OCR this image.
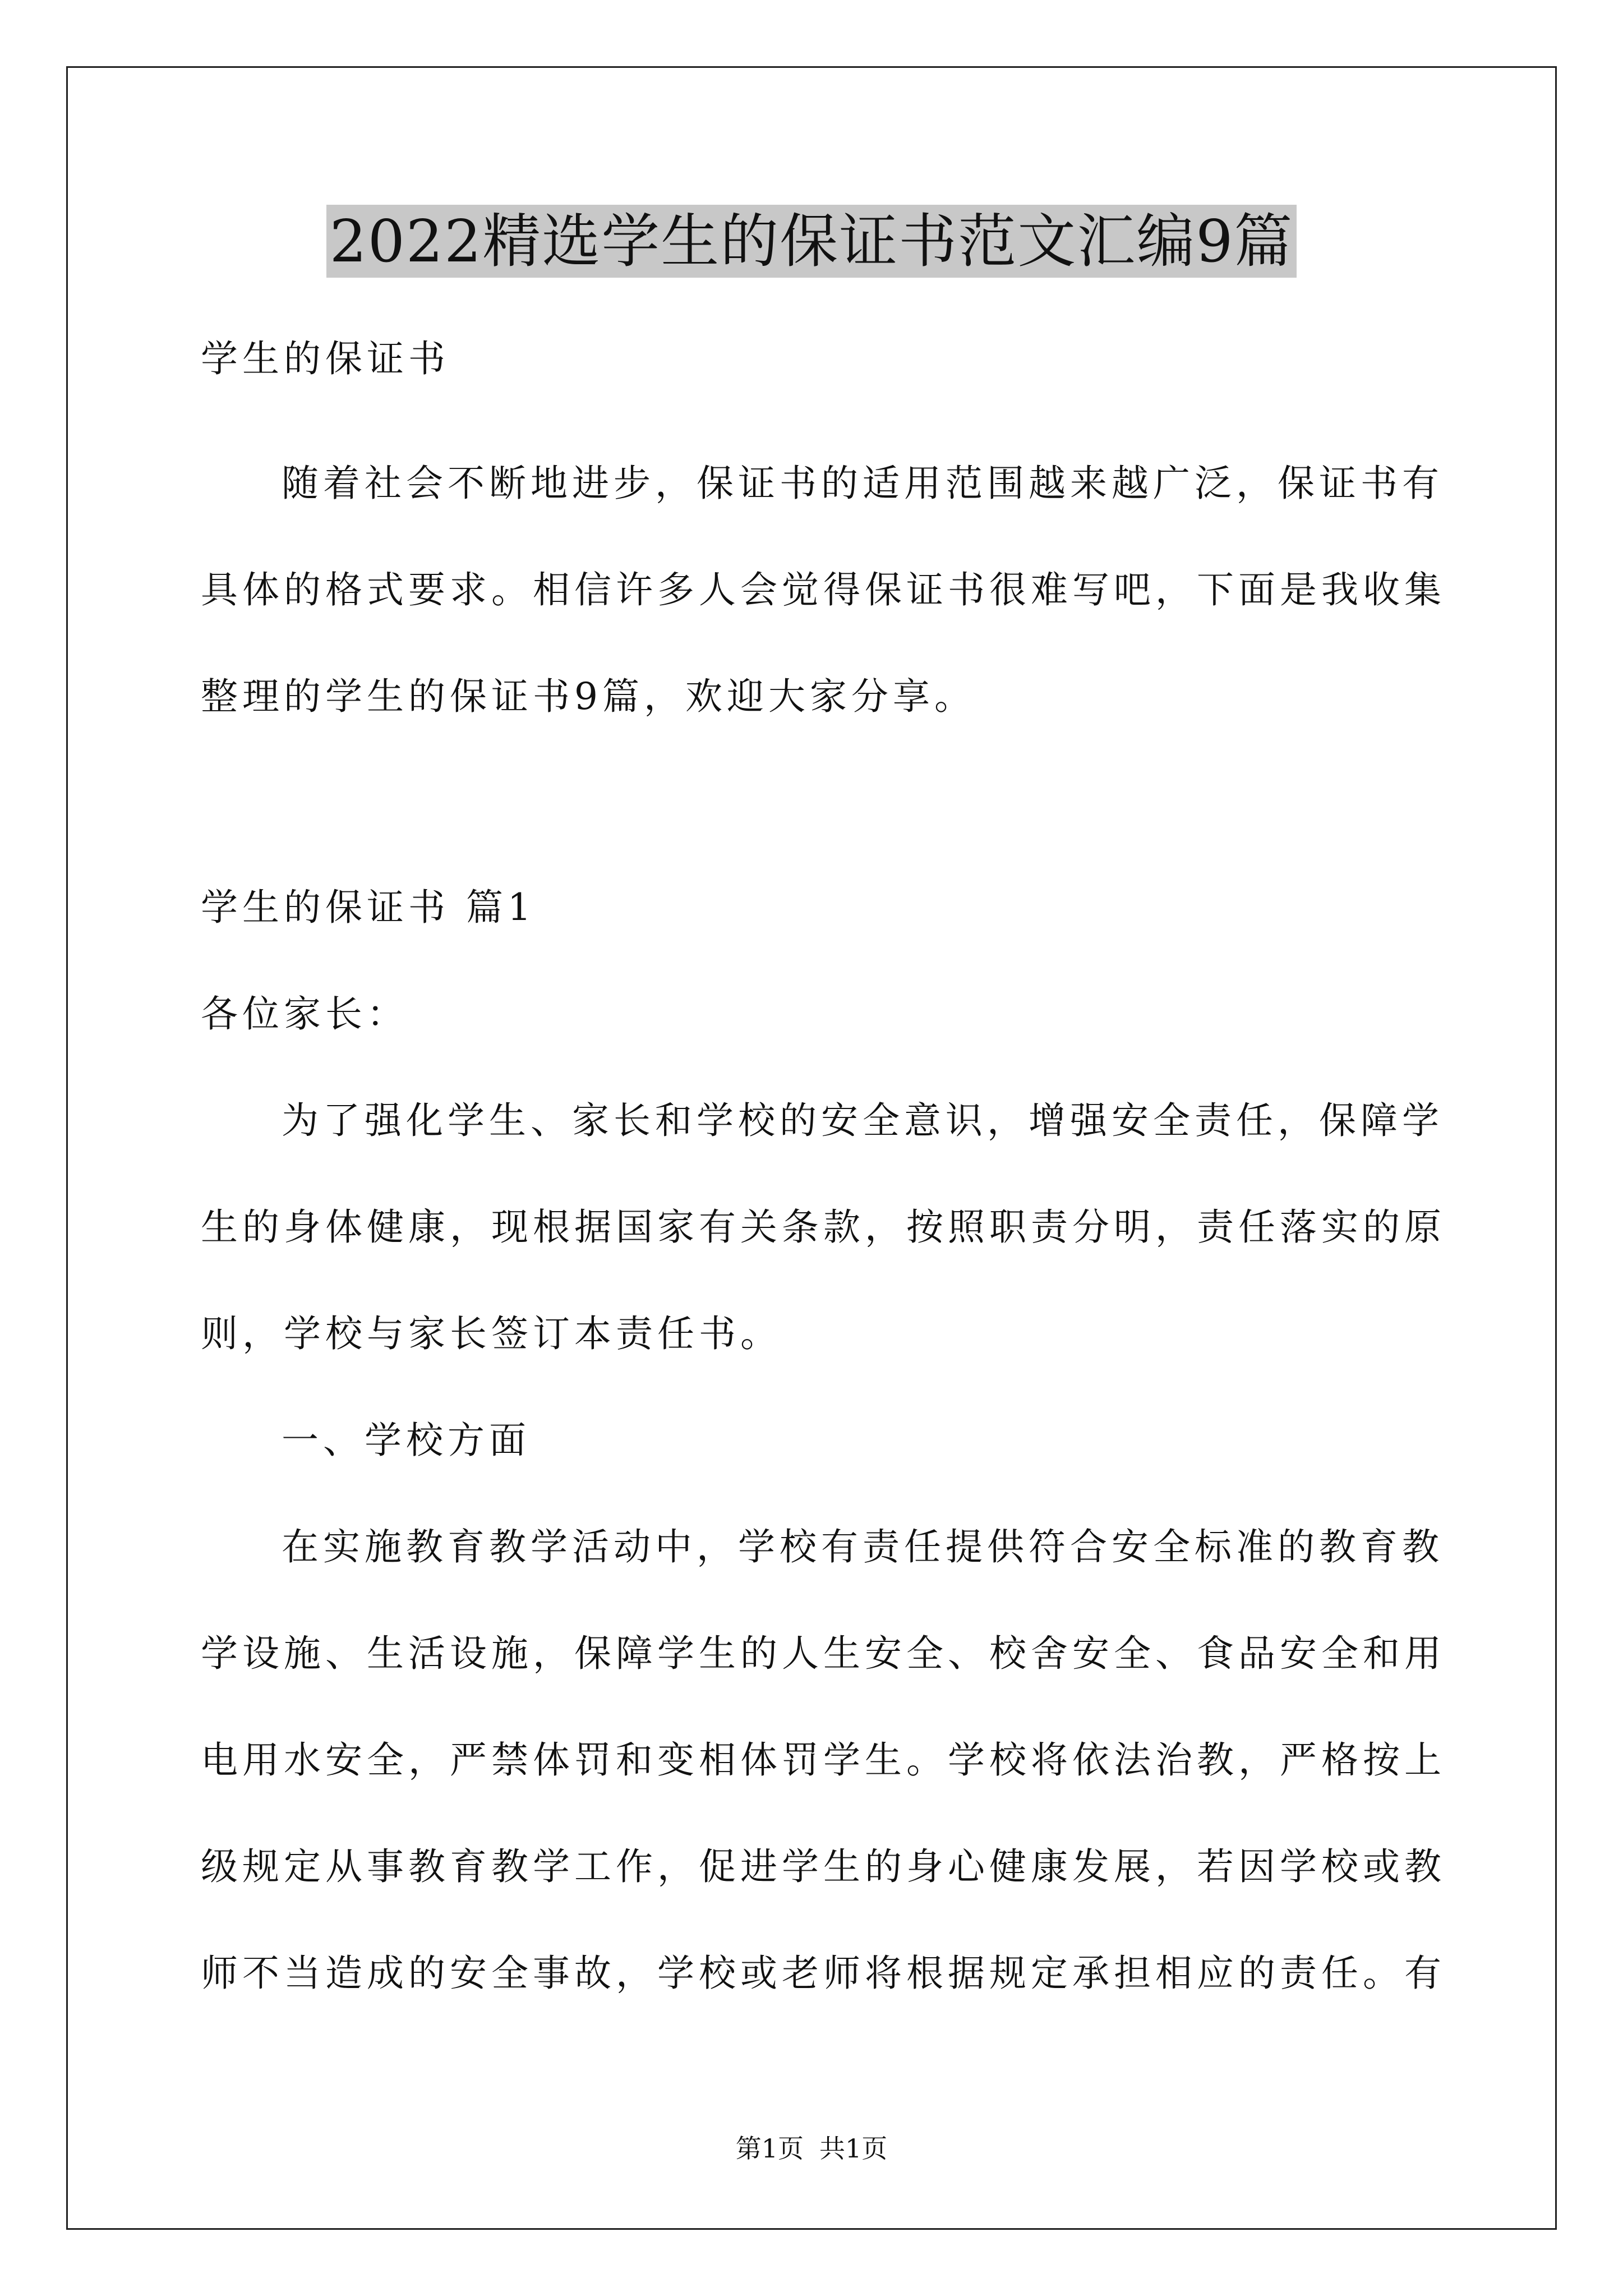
2022精选学生的保证书范文汇编9篇
学生的保证书
随着社会不断地进步，保证书的适用范围越来越广泛，保证书有
具体的格式要求。相信许多人会觉得保证书很难写吧，下面是我收集
整理的学生的保证书9篇，欢迎大家分享。
学生的保证书 篇1
各位家长：
为了强化学生、家长和学校的安全意识，增强安全责任，保障学
生的身体健康，现根据国家有关条款，按照职责分明，责任落实的原
则，学校与家长签订本责任书。
一、学校方面
在实施教育教学活动中，学校有责任提供符合安全标准的教育教
学设施、生活设施，保障学生的人生安全、校舍安全、食品安全和用
电用水安全，严禁体罚和变相体罚学生。学校将依法治教，严格按上
级规定从事教育教学工作，促进学生的身心健康发展，若因学校或教
师不当造成的安全事故，学校或老师将根据规定承担相应的责任。有
第1页 共1页
